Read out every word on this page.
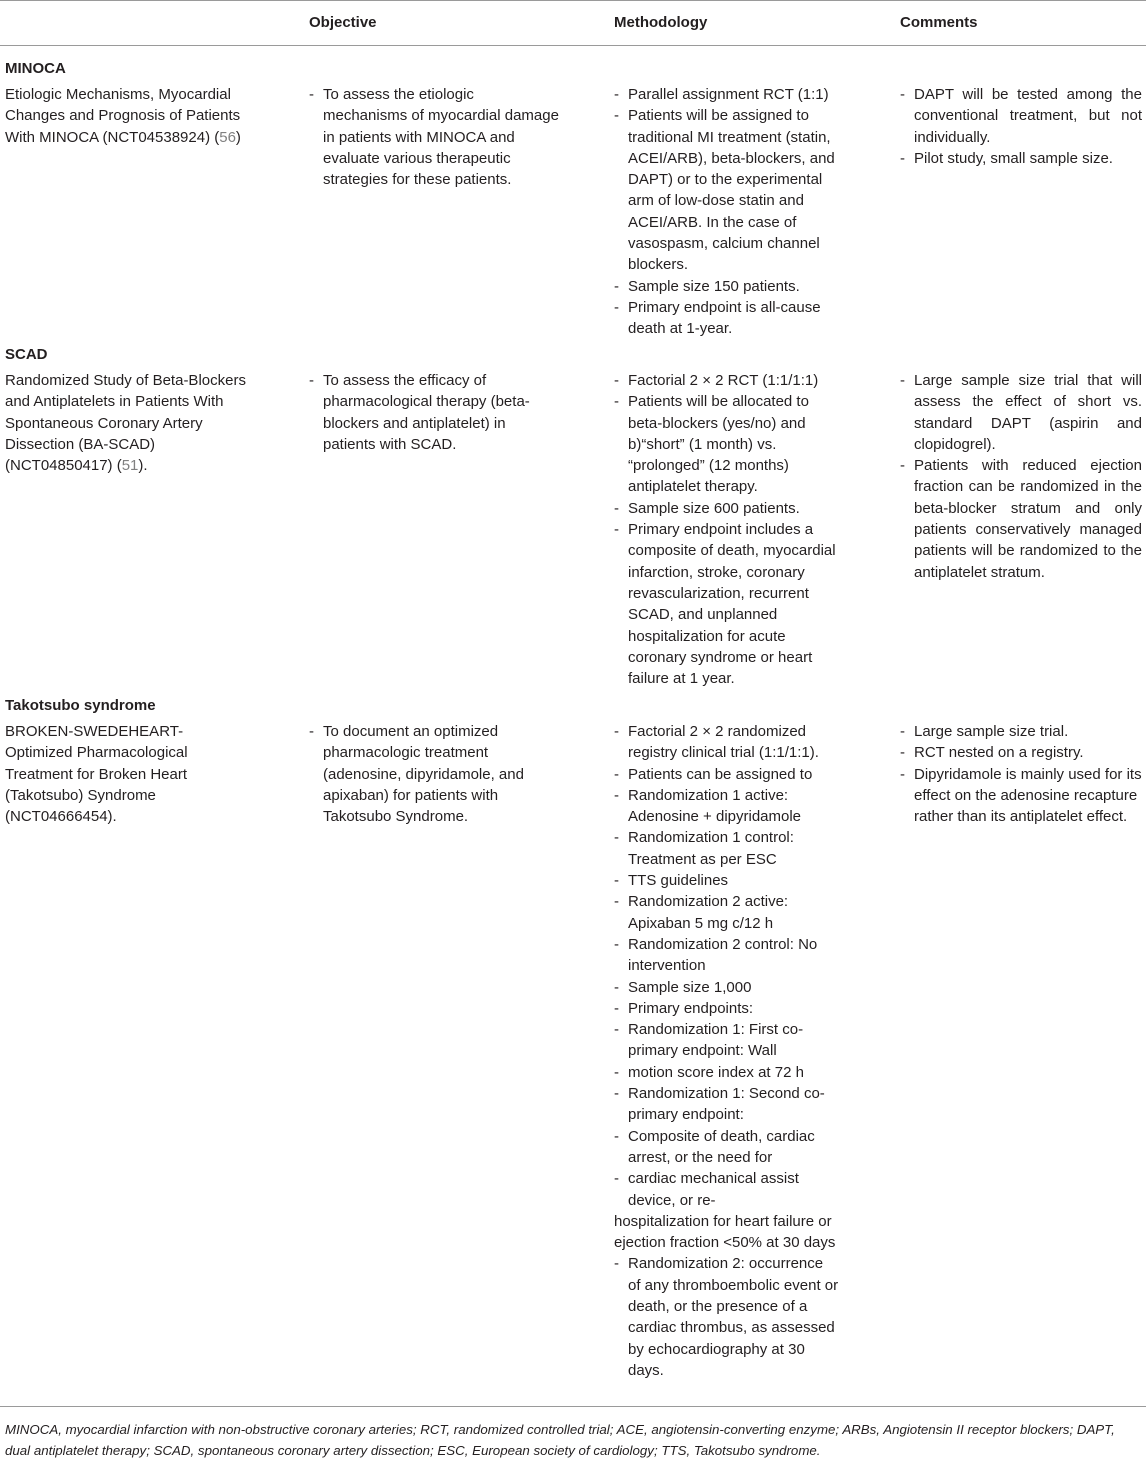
Objective	Methodology	Comments
MINOCA
Etiologic Mechanisms, Myocardial Changes and Prognosis of Patients With MINOCA (NCT04538924) (56)
- To assess the etiologic mechanisms of myocardial damage in patients with MINOCA and evaluate various therapeutic strategies for these patients.
- Parallel assignment RCT (1:1)
- Patients will be assigned to traditional MI treatment (statin, ACEI/ARB), beta-blockers, and DAPT) or to the experimental arm of low-dose statin and ACEI/ARB. In the case of vasospasm, calcium channel blockers.
- Sample size 150 patients.
- Primary endpoint is all-cause death at 1-year.
- DAPT will be tested among the conventional treatment, but not individually.
- Pilot study, small sample size.
SCAD
Randomized Study of Beta-Blockers and Antiplatelets in Patients With Spontaneous Coronary Artery Dissection (BA-SCAD) (NCT04850417) (51).
- To assess the efficacy of pharmacological therapy (beta-blockers and antiplatelet) in patients with SCAD.
- Factorial 2 × 2 RCT (1:1/1:1)
- Patients will be allocated to beta-blockers (yes/no) and b)“short” (1 month) vs. “prolonged” (12 months) antiplatelet therapy.
- Sample size 600 patients.
- Primary endpoint includes a composite of death, myocardial infarction, stroke, coronary revascularization, recurrent SCAD, and unplanned hospitalization for acute coronary syndrome or heart failure at 1 year.
- Large sample size trial that will assess the effect of short vs. standard DAPT (aspirin and clopidogrel).
- Patients with reduced ejection fraction can be randomized in the beta-blocker stratum and only patients conservatively managed patients will be randomized to the antiplatelet stratum.
Takotsubo syndrome
BROKEN-SWEDEHEART-Optimized Pharmacological Treatment for Broken Heart (Takotsubo) Syndrome (NCT04666454).
- To document an optimized pharmacologic treatment (adenosine, dipyridamole, and apixaban) for patients with Takotsubo Syndrome.
- Factorial 2 × 2 randomized registry clinical trial (1:1/1:1).
- Patients can be assigned to
- Randomization 1 active: Adenosine + dipyridamole
- Randomization 1 control: Treatment as per ESC
- TTS guidelines
- Randomization 2 active: Apixaban 5 mg c/12 h
- Randomization 2 control: No intervention
- Sample size 1,000
- Primary endpoints:
- Randomization 1: First co-primary endpoint: Wall
- motion score index at 72 h
- Randomization 1: Second co-primary endpoint:
- Composite of death, cardiac arrest, or the need for
- cardiac mechanical assist device, or re-
hospitalization for heart failure or ejection fraction <50% at 30 days
- Randomization 2: occurrence of any thromboembolic event or death, or the presence of a cardiac thrombus, as assessed by echocardiography at 30 days.
- Large sample size trial.
- RCT nested on a registry.
- Dipyridamole is mainly used for its effect on the adenosine recapture rather than its antiplatelet effect.
MINOCA, myocardial infarction with non-obstructive coronary arteries; RCT, randomized controlled trial; ACE, angiotensin-converting enzyme; ARBs, Angiotensin II receptor blockers; DAPT, dual antiplatelet therapy; SCAD, spontaneous coronary artery dissection; ESC, European society of cardiology; TTS, Takotsubo syndrome.
